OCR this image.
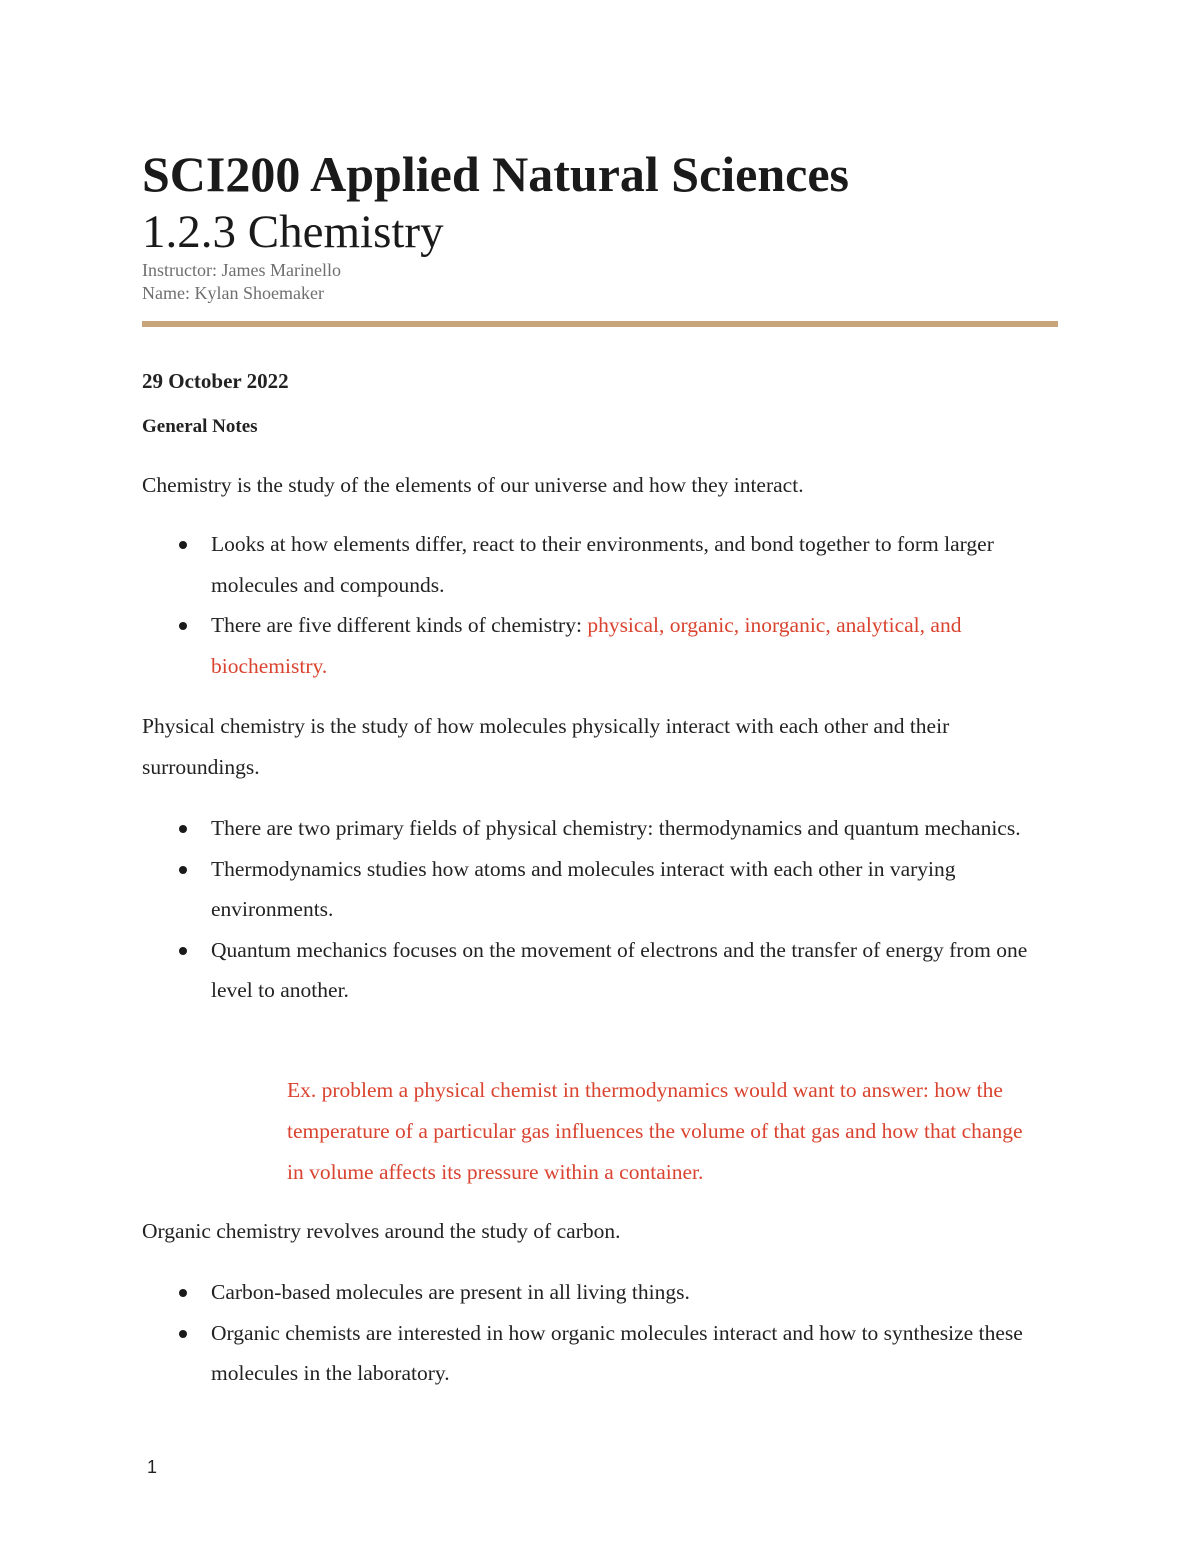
SCI200 Applied Natural Sciences
1.2.3 Chemistry
Instructor: James Marinello
Name: Kylan Shoemaker
29 October 2022
General Notes

Chemistry is the study of the elements of our universe and how they interact.

Looks at how elements differ, react to their environments, and bond together to form larger molecules and compounds.
There are five different kinds of chemistry: physical, organic, inorganic, analytical, and biochemistry.

Physical chemistry is the study of how molecules physically interact with each other and their surroundings.

There are two primary fields of physical chemistry: thermodynamics and quantum mechanics.
Thermodynamics studies how atoms and molecules interact with each other in varying environments.
Quantum mechanics focuses on the movement of electrons and the transfer of energy from one level to another.
Ex. problem a physical chemist in thermodynamics would want to answer: how the temperature of a particular gas influences the volume of that gas and how that change in volume affects its pressure within a container.

Organic chemistry revolves around the study of carbon.

Carbon-based molecules are present in all living things.
Organic chemists are interested in how organic molecules interact and how to synthesize these molecules in the laboratory.
1
